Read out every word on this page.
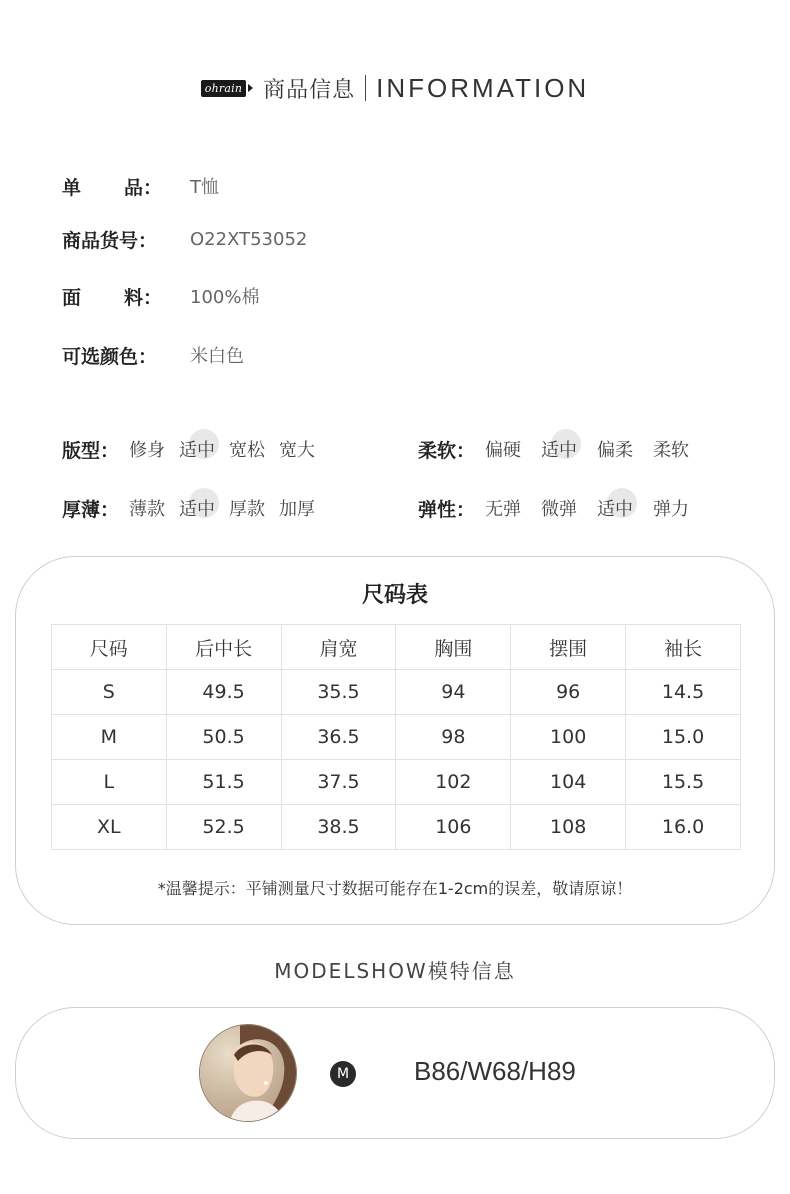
ohrain 商品信息 INFORMATION
单 品： T恤
商品货号：	O22XT53052
面 料： 100%棉
可选颜色：	米白色
版型： 修身 适中 宽松 宽大	柔软： 偏硬 适中 偏柔 柔软
厚薄： 薄款 适中 厚款 加厚	弹性： 无弹 微弹 适中 弹力
尺码表
尺码	后中长	肩宽	胸围	摆围	袖长
S	49.5	35.5	94	96	14.5
M	50.5	36.5	98	100	15.0
L	51.5	37.5	102	104	15.5
XL	52.5	38.5	106	108	16.0
*温馨提示：平铺测量尺寸数据可能存在1-2cm的误差，敬请原谅！
MODELSHOW模特信息
M B86/W68/H89
